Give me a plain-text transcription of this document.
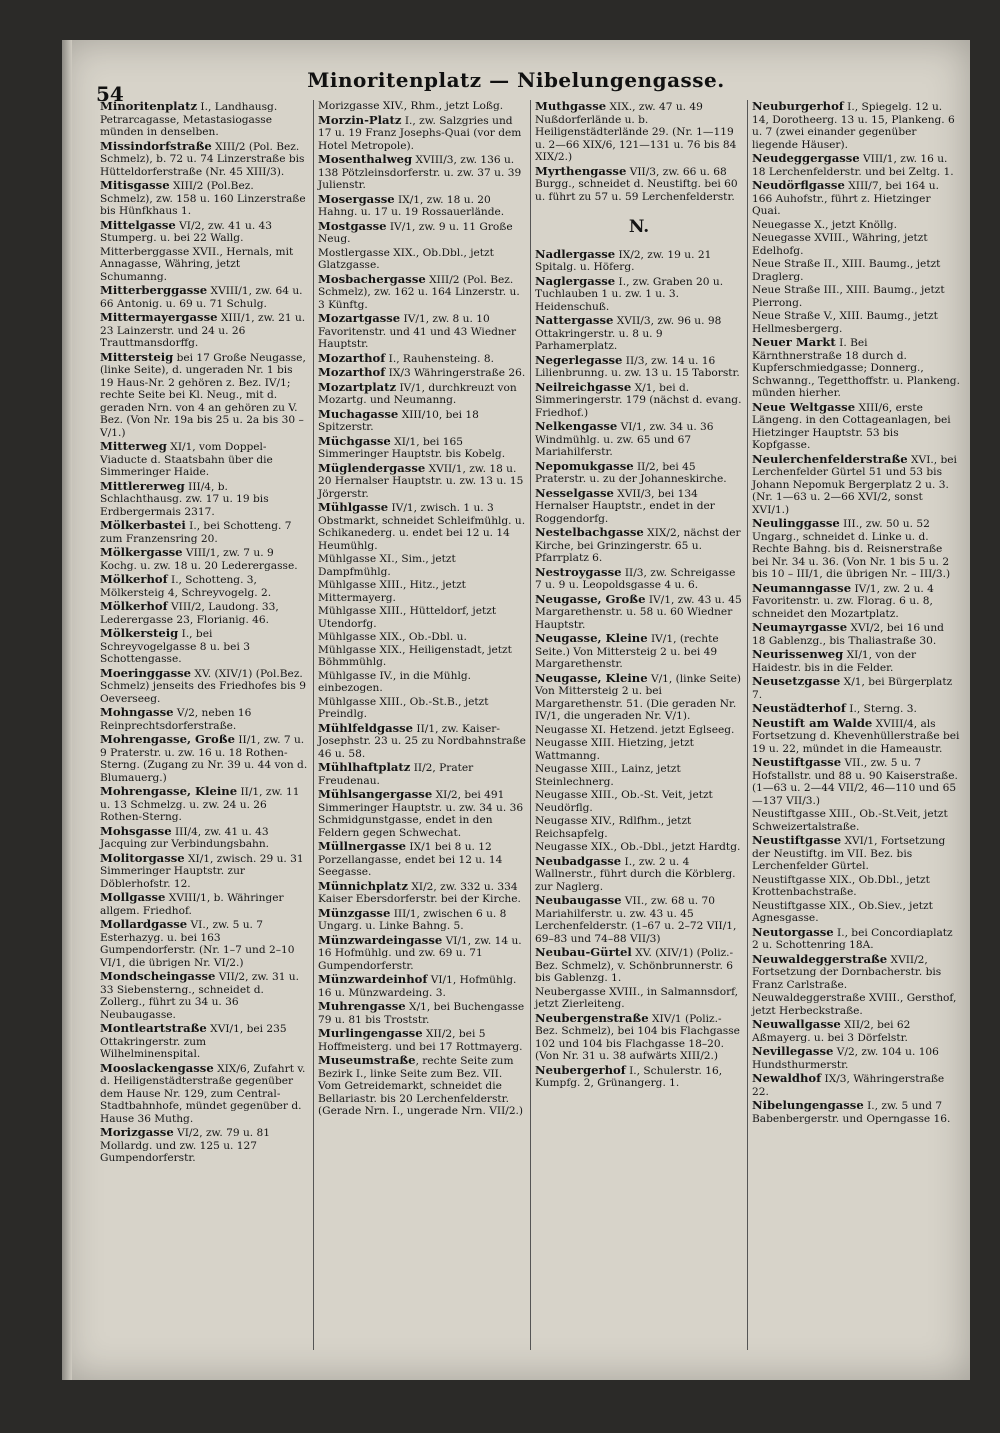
54
Minoritenplatz — Nibelungengasse.
Minoritenplatz I., Landhausg. Petrarcagasse, Metastasiogasse münden in denselben.
Missindorfstraße XIII/2 (Pol. Bez. Schmelz), b. 72 u. 74 Linzerstraße bis Hütteldorferstraße (Nr. 45 XIII/3).
Mitisgasse XIII/2 (Pol.Bez. Schmelz), zw. 158 u. 160 Linzerstraße bis Hünfkhaus 1.
Mittelgasse VI/2, zw. 41 u. 43 Stumperg. u. bei 22 Wallg.
Mitterberggasse XVII., Hernals, mit Annagasse, Währing, jetzt Schumanng.
Mitterberggasse XVIII/1, zw. 64 u. 66 Antonig. u. 69 u. 71 Schulg.
Mittermayergasse XIII/1, zw. 21 u. 23 Lainzerstr. und 24 u. 26 Trauttmansdorffg.
Mittersteig bei 17 Große Neugasse, (linke Seite), d. ungeraden Nr. 1 bis 19 Haus-Nr. 2 gehören z. Bez. IV/1; rechte Seite bei Kl. Neug., mit d. geraden Nrn. von 4 an gehören zu V. Bez. (Von Nr. 19a bis 25 u. 2a bis 30 – V/1.)
Mitterweg XI/1, vom Doppel-Viaducte d. Staatsbahn über die Simmeringer Haide.
Mittlererweg III/4, b. Schlachthausg. zw. 17 u. 19 bis Erdbergermais 2317.
Mölkerbastei I., bei Schotteng. 7 zum Franzensring 20.
Mölkergasse VIII/1, zw. 7 u. 9 Kochg. u. zw. 18 u. 20 Lederergasse.
Mölkerhof I., Schotteng. 3, Mölkersteig 4, Schreyvogelg. 2.
Mölkerhof VIII/2, Laudong. 33, Lederergasse 23, Florianig. 46.
Mölkersteig I., bei Schreyvogelgasse 8 u. bei 3 Schottengasse.
Moeringgasse XV. (XIV/1) (Pol.Bez. Schmelz) jenseits des Friedhofes bis 9 Oeverseeg.
Mohngasse V/2, neben 16 Reinprechtsdorferstraße.
Mohrengasse, Große II/1, zw. 7 u. 9 Praterstr. u. zw. 16 u. 18 Rothen-Sterng. (Zugang zu Nr. 39 u. 44 von d. Blumauerg.)
Mohrengasse, Kleine II/1, zw. 11 u. 13 Schmelzg. u. zw. 24 u. 26 Rothen-Sterng.
Mohsgasse III/4, zw. 41 u. 43 Jacquing zur Verbindungsbahn.
Molitorgasse XI/1, zwisch. 29 u. 31 Simmeringer Hauptstr. zur Döblerhofstr. 12.
Mollgasse XVIII/1, b. Währinger allgem. Friedhof.
Mollardgasse VI., zw. 5 u. 7 Esterhazyg. u. bei 163 Gumpendorferstr. (Nr. 1–7 und 2–10 VI/1, die übrigen Nr. VI/2.)
Mondscheingasse VII/2, zw. 31 u. 33 Siebensterng., schneidet d. Zollerg., führt zu 34 u. 36 Neubaugasse.
Montleartstraße XVI/1, bei 235 Ottakringerstr. zum Wilhelminenspital.
Mooslackengasse XIX/6, Zufahrt v. d. Heiligenstädterstraße gegenüber dem Hause Nr. 129, zum Central-Stadtbahnhofe, mündet gegenüber d. Hause 36 Muthg.
Morizgasse VI/2, zw. 79 u. 81 Mollardg. und zw. 125 u. 127 Gumpendorferstr.
Morizgasse XIV., Rhm., jetzt Loßg.
Morzin-Platz I., zw. Salzgries und 17 u. 19 Franz Josephs-Quai (vor dem Hotel Metropole).
Mosenthalweg XVIII/3, zw. 136 u. 138 Pötzleinsdorferstr. u. zw. 37 u. 39 Julienstr.
Mosergasse IX/1, zw. 18 u. 20 Hahng. u. 17 u. 19 Rossauerlände.
Mostgasse IV/1, zw. 9 u. 11 Große Neug.
Mostlergasse XIX., Ob.Dbl., jetzt Glatzgasse.
Mosbachergasse XIII/2 (Pol. Bez. Schmelz), zw. 162 u. 164 Linzerstr. u. 3 Künftg.
Mozartgasse IV/1, zw. 8 u. 10 Favoritenstr. und 41 und 43 Wiedner Hauptstr.
Mozarthof I., Rauhensteing. 8.
Mozarthof IX/3 Währingerstraße 26.
Mozartplatz IV/1, durchkreuzt von Mozartg. und Neumanng.
Muchagasse XIII/10, bei 18 Spitzerstr.
Müchgasse XI/1, bei 165 Simmeringer Hauptstr. bis Kobelg.
Müglendergasse XVII/1, zw. 18 u. 20 Hernalser Hauptstr. u. zw. 13 u. 15 Jörgerstr.
Mühlgasse IV/1, zwisch. 1 u. 3 Obstmarkt, schneidet Schleifmühlg. u. Schikanederg. u. endet bei 12 u. 14 Heumühlg.
Mühlgasse XI., Sim., jetzt Dampfmühlg.
Mühlgasse XIII., Hitz., jetzt Mittermayerg.
Mühlgasse XIII., Hütteldorf, jetzt Utendorfg.
Mühlgasse XIX., Ob.-Dbl. u. Mühlgasse XIX., Heiligenstadt, jetzt Böhmmühlg.
Mühlgasse IV., in die Mühlg. einbezogen.
Mühlgasse XIII., Ob.-St.B., jetzt Preindlg.
Mühlfeldgasse II/1, zw. Kaiser-Josephstr. 23 u. 25 zu Nordbahnstraße 46 u. 58.
Mühlhaftplatz II/2, Prater Freudenau.
Mühlsangergasse XI/2, bei 491 Simmeringer Hauptstr. u. zw. 34 u. 36 Schmidgunstgasse, endet in den Feldern gegen Schwechat.
Müllnergasse IX/1 bei 8 u. 12 Porzellangasse, endet bei 12 u. 14 Seegasse.
Münnichplatz XI/2, zw. 332 u. 334 Kaiser Ebersdorferstr. bei der Kirche.
Münzgasse III/1, zwischen 6 u. 8 Ungarg. u. Linke Bahng. 5.
Münzwardeingasse VI/1, zw. 14 u. 16 Hofmühlg. und zw. 69 u. 71 Gumpendorferstr.
Münzwardeinhof VI/1, Hofmühlg. 16 u. Münzwardeing. 3.
Muhrengasse X/1, bei Buchengasse 79 u. 81 bis Troststr.
Murlingengasse XII/2, bei 5 Hoffmeisterg. und bei 17 Rottmayerg.
Museumstraße, rechte Seite zum Bezirk I., linke Seite zum Bez. VII. Vom Getreidemarkt, schneidet die Bellariastr. bis 20 Lerchenfelderstr. (Gerade Nrn. I., ungerade Nrn. VII/2.)
Muthgasse XIX., zw. 47 u. 49 Nußdorferlände u. b. Heiligenstädterlände 29. (Nr. 1—119 u. 2—66 XIX/6, 121—131 u. 76 bis 84 XIX/2.)
Myrthengasse VII/3, zw. 66 u. 68 Burgg., schneidet d. Neustiftg. bei 60 u. führt zu 57 u. 59 Lerchenfelderstr.
N.
Nadlergasse IX/2, zw. 19 u. 21 Spitalg. u. Höferg.
Naglergasse I., zw. Graben 20 u. Tuchlauben 1 u. zw. 1 u. 3. Heidenschuß.
Nattergasse XVII/3, zw. 96 u. 98 Ottakringerstr. u. 8 u. 9 Parhamerplatz.
Negerlegasse II/3, zw. 14 u. 16 Lilienbrunng. u. zw. 13 u. 15 Taborstr.
Neilreichgasse X/1, bei d. Simmeringerstr. 179 (nächst d. evang. Friedhof.)
Nelkengasse VI/1, zw. 34 u. 36 Windmühlg. u. zw. 65 und 67 Mariahilferstr.
Nepomukgasse II/2, bei 45 Praterstr. u. zu der Johanneskirche.
Nesselgasse XVII/3, bei 134 Hernalser Hauptstr., endet in der Roggendorfg.
Nestelbachgasse XIX/2, nächst der Kirche, bei Grinzingerstr. 65 u. Pfarrplatz 6.
Nestroygasse II/3, zw. Schreigasse 7 u. 9 u. Leopoldsgasse 4 u. 6.
Neugasse, Große IV/1, zw. 43 u. 45 Margarethenstr. u. 58 u. 60 Wiedner Hauptstr.
Neugasse, Kleine IV/1, (rechte Seite.) Von Mittersteig 2 u. bei 49 Margarethenstr.
Neugasse, Kleine V/1, (linke Seite) Von Mittersteig 2 u. bei Margarethenstr. 51. (Die geraden Nr. IV/1, die ungeraden Nr. V/1).
Neugasse XI. Hetzend. jetzt Eglseeg.
Neugasse XIII. Hietzing, jetzt Wattmanng.
Neugasse XIII., Lainz, jetzt Steinlechnerg.
Neugasse XIII., Ob.-St. Veit, jetzt Neudörflg.
Neugasse XIV., Rdlfhm., jetzt Reichsapfelg.
Neugasse XIX., Ob.-Dbl., jetzt Hardtg.
Neubadgasse I., zw. 2 u. 4 Wallnerstr., führt durch die Körblerg. zur Naglerg.
Neubaugasse VII., zw. 68 u. 70 Mariahilferstr. u. zw. 43 u. 45 Lerchenfelderstr. (1–67 u. 2–72 VII/1, 69–83 und 74–88 VII/3)
Neubau-Gürtel XV. (XIV/1) (Poliz.-Bez. Schmelz), v. Schönbrunnerstr. 6 bis Gablenzg. 1.
Neubergasse XVIII., in Salmannsdorf, jetzt Zierleiteng.
Neubergenstraße XIV/1 (Poliz.-Bez. Schmelz), bei 104 bis Flachgasse 102 und 104 bis Flachgasse 18–20. (Von Nr. 31 u. 38 aufwärts XIII/2.)
Neubergerhof I., Schulerstr. 16, Kumpfg. 2, Grünangerg. 1.
Neuburgerhof I., Spiegelg. 12 u. 14, Dorotheerg. 13 u. 15, Plankeng. 6 u. 7 (zwei einander gegenüber liegende Häuser).
Neudeggergasse VIII/1, zw. 16 u. 18 Lerchenfelderstr. und bei Zeltg. 1.
Neudörflgasse XIII/7, bei 164 u. 166 Auhofstr., führt z. Hietzinger Quai.
Neuegasse X., jetzt Knöllg.
Neuegasse XVIII., Währing, jetzt Edelhofg.
Neue Straße II., XIII. Baumg., jetzt Draglerg.
Neue Straße III., XIII. Baumg., jetzt Pierrong.
Neue Straße V., XIII. Baumg., jetzt Hellmesbergerg.
Neuer Markt I. Bei Kärnthnerstraße 18 durch d. Kupferschmiedgasse; Donnerg., Schwanng., Tegetthoffstr. u. Plankeng. münden hierher.
Neue Weltgasse XIII/6, erste Längeng. in den Cottageanlagen, bei Hietzinger Hauptstr. 53 bis Kopfgasse.
Neulerchenfelderstraße XVI., bei Lerchenfelder Gürtel 51 und 53 bis Johann Nepomuk Bergerplatz 2 u. 3. (Nr. 1—63 u. 2—66 XVI/2, sonst XVI/1.)
Neulinggasse III., zw. 50 u. 52 Ungarg., schneidet d. Linke u. d. Rechte Bahng. bis d. Reisnerstraße bei Nr. 34 u. 36. (Von Nr. 1 bis 5 u. 2 bis 10 – III/1, die übrigen Nr. – III/3.)
Neumanngasse IV/1, zw. 2 u. 4 Favoritenstr. u. zw. Florag. 6 u. 8, schneidet den Mozartplatz.
Neumayrgasse XVI/2, bei 16 und 18 Gablenzg., bis Thaliastraße 30.
Neurissenweg XI/1, von der Haidestr. bis in die Felder.
Neusetzgasse X/1, bei Bürgerplatz 7.
Neustädterhof I., Sterng. 3.
Neustift am Walde XVIII/4, als Fortsetzung d. Khevenhüllerstraße bei 19 u. 22, mündet in die Hameaustr.
Neustiftgasse VII., zw. 5 u. 7 Hofstallstr. und 88 u. 90 Kaiserstraße. (1—63 u. 2—44 VII/2, 46—110 und 65—137 VII/3.)
Neustiftgasse XIII., Ob.-St.Veit, jetzt Schweizertalstraße.
Neustiftgasse XVI/1, Fortsetzung der Neustiftg. im VII. Bez. bis Lerchenfelder Gürtel.
Neustiftgasse XIX., Ob.Dbl., jetzt Krottenbachstraße.
Neustiftgasse XIX., Ob.Siev., jetzt Agnesgasse.
Neutorgasse I., bei Concordiaplatz 2 u. Schottenring 18A.
Neuwaldeggerstraße XVII/2, Fortsetzung der Dornbacherstr. bis Franz Carlstraße.
Neuwaldeggerstraße XVIII., Gersthof, jetzt Herbeckstraße.
Neuwallgasse XII/2, bei 62 Aßmayerg. u. bei 3 Dörfelstr.
Nevillegasse V/2, zw. 104 u. 106 Hundsthurmerstr.
Newaldhof IX/3, Währingerstraße 22.
Nibelungengasse I., zw. 5 und 7 Babenbergerstr. und Operngasse 16.
